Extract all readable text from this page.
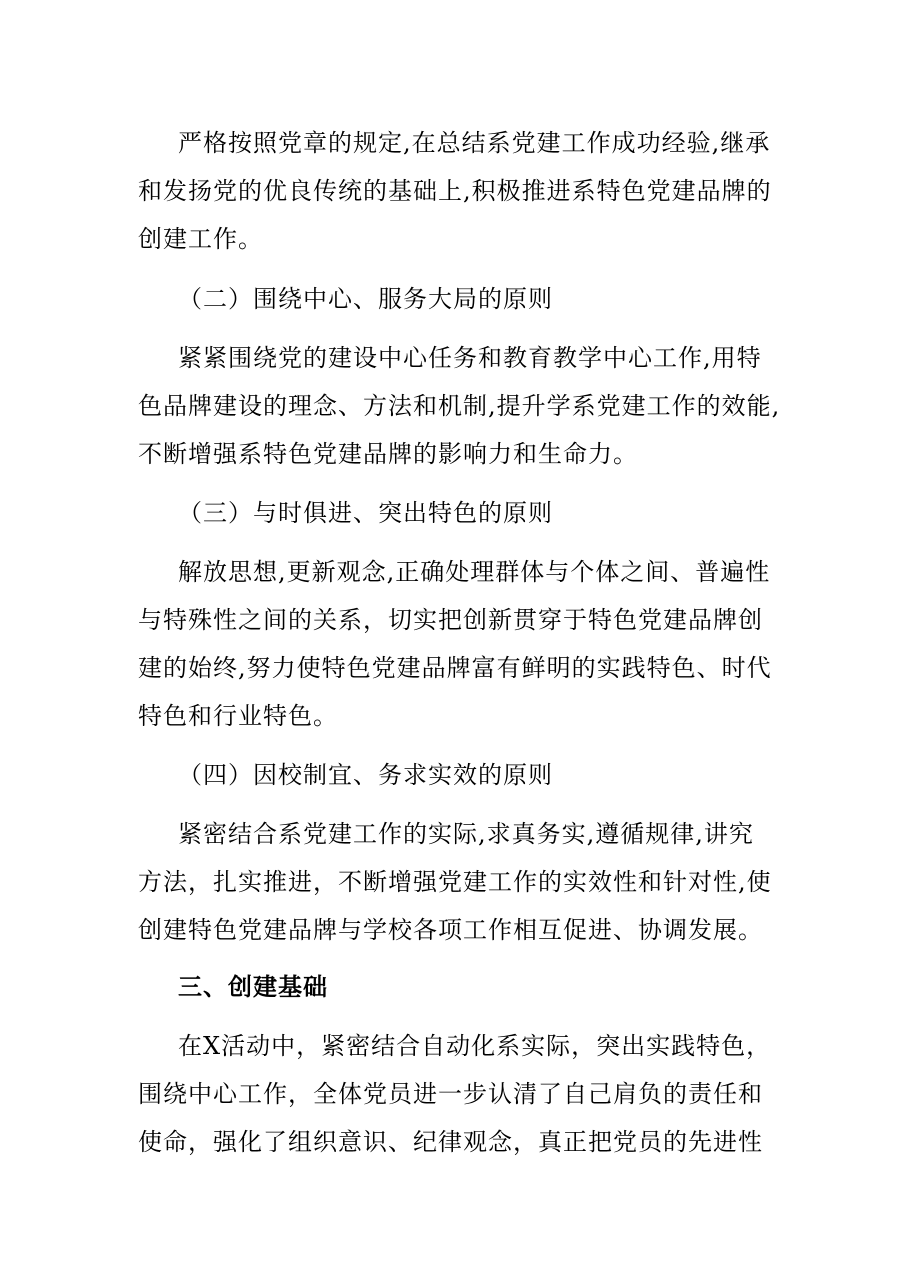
严格按照党章的规定,在总结系党建工作成功经验,继承
和发扬党的优良传统的基础上,积极推进系特色党建品牌的
创建工作。
（二）围绕中心、服务大局的原则
紧紧围绕党的建设中心任务和教育教学中心工作,用特
色品牌建设的理念、方法和机制,提升学系党建工作的效能,
不断增强系特色党建品牌的影响力和生命力。
（三）与时俱进、突出特色的原则
解放思想,更新观念,正确处理群体与个体之间、普遍性
与特殊性之间的关系，切实把创新贯穿于特色党建品牌创
建的始终,努力使特色党建品牌富有鲜明的实践特色、时代
特色和行业特色。
（四）因校制宜、务求实效的原则
紧密结合系党建工作的实际,求真务实,遵循规律,讲究
方法，扎实推进，不断增强党建工作的实效性和针对性,使
创建特色党建品牌与学校各项工作相互促进、协调发展。
三、创建基础
在X活动中，紧密结合自动化系实际，突出实践特色，
围绕中心工作，全体党员进一步认清了自己肩负的责任和
使命，强化了组织意识、纪律观念，真正把党员的先进性
